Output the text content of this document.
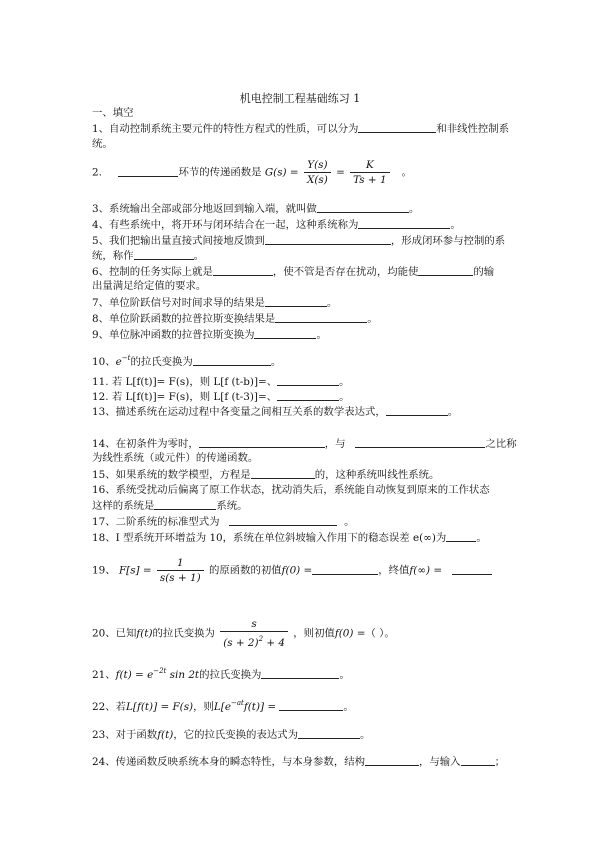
机电控制工程基础练习 1
一、填空
1、自动控制系统主要元件的特性方程式的性质，可以分为	和非线性控制系
统。
2.	环节的传递函数是 $G(s) = \frac{Y(s)}{X(s)} = \frac{K}{Ts + 1}$ 。
3、系统输出全部或部分地返回到输入端，就叫做	。
4、有些系统中，将开环与闭环结合在一起，这种系统称为	。
5、我们把输出量直接式间接地反馈到	，形成闭环参与控制的系
统，称作	。
6、控制的任务实际上就是	，使不管是否存在扰动，均能使	的输
出量满足给定值的要求。
7、单位阶跃信号对时间求导的结果是	。
8、单位阶跃函数的拉普拉斯变换结果是	。
9、单位脉冲函数的拉普拉斯变换为	。
10、$e^{-t}$的拉氏变换为	。
11. 若 L[f(t)]= F(s)，则 L[f (t-b)]=、	。
12. 若 L[f(t)]= F(s)，则 L[f (t-3)]=、	。
13、描述系统在运动过程中各变量之间相互关系的数学表达式，	。
14、在初条件为零时，	，与	之比称
为线性系统（或元件）的传递函数。
15、如果系统的数学模型，方程是	的，这种系统叫线性系统。
16、系统受扰动后偏离了原工作状态，扰动消失后，系统能自动恢复到原来的工作状态
这样的系统是	系统。
17、二阶系统的标准型式为	。
18、I 型系统开环增益为 10，系统在单位斜坡输入作用下的稳态误差 e(∞)为	。
19、 $F[s] = \frac{1}{s(s + 1)}$ 的原函数的初值f(0) =	，终值f(∞) =
20、已知f(t)的拉氏变换为 $\frac{s}{(s + 2)^2 + 4}$ ，则初值f(0) =（ ）。
21、$f(t) = e^{-2t}$ sin 2t的拉氏变换为	。
22、若L[f(t)] = F(s)，则$L[e^{-at}f(t)]$ =	。
23、对于函数f(t)，它的拉氏变换的表达式为	。
24、传递函数反映系统本身的瞬态特性，与本身参数，结构	，与输入	；
